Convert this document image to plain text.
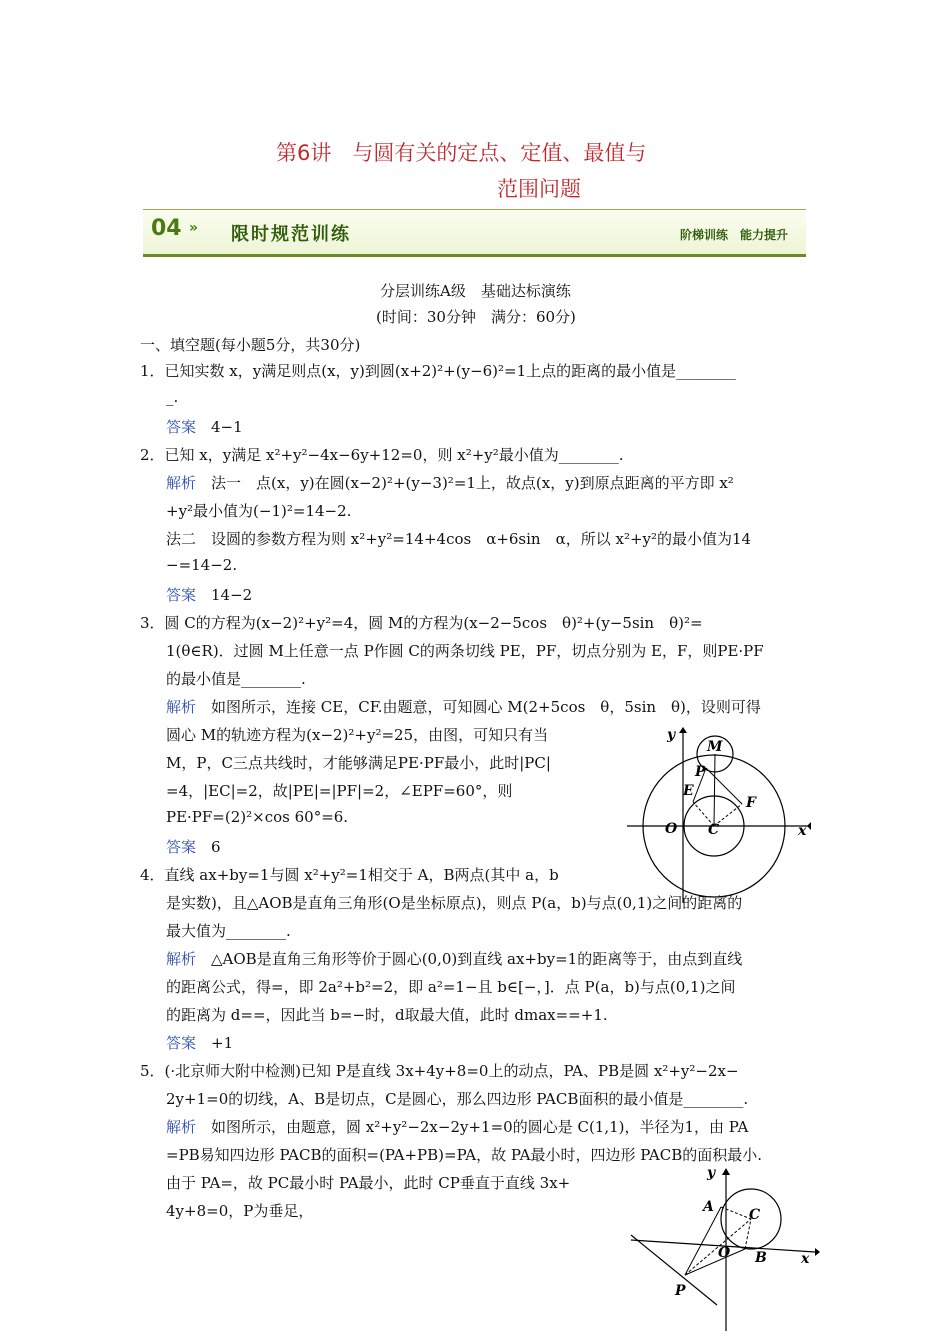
第6讲　与圆有关的定点、定值、最值与
范围问题
04 » 限时规范训练	阶梯训练　能力提升
分层训练A级　基础达标演练
(时间：30分钟　满分：60分)
一、填空题(每小题5分，共30分)
1．已知实数 x，y满足则点(x，y)到圆(x+2)²+(y−6)²=1上点的距离的最小值是________
_.
答案　4−1
2．已知 x，y满足 x²+y²−4x−6y+12=0，则 x²+y²最小值为________.
解析　法一　点(x，y)在圆(x−2)²+(y−3)²=1上，故点(x，y)到原点距离的平方即 x²
+y²最小值为(−1)²=14−2.
法二　设圆的参数方程为则 x²+y²=14+4cos　α+6sin　α，所以 x²+y²的最小值为14
−=14−2.
答案　14−2
3．圆 C的方程为(x−2)²+y²=4，圆 M的方程为(x−2−5cos　θ)²+(y−5sin　θ)²=
1(θ∈R)．过圆 M上任意一点 P作圆 C的两条切线 PE，PF，切点分别为 E，F，则PE·PF
的最小值是________.
解析　如图所示，连接 CE，CF.由题意，可知圆心 M(2+5cos　θ，5sin　θ)，设则可得
圆心 M的轨迹方程为(x−2)²+y²=25，由图，可知只有当
M，P，C三点共线时，才能够满足PE·PF最小，此时|PC|
=4，|EC|=2，故|PE|=|PF|=2，∠EPF=60°，则
PE·PF=(2)²×cos 60°=6.
答案　6
4．直线 ax+by=1与圆 x²+y²=1相交于 A，B两点(其中 a，b
是实数)，且△AOB是直角三角形(O是坐标原点)，则点 P(a，b)与点(0,1)之间的距离的
最大值为________.
解析　△AOB是直角三角形等价于圆心(0,0)到直线 ax+by=1的距离等于，由点到直线
的距离公式，得=，即 2a²+b²=2，即 a²=1−且 b∈[−，]．点 P(a，b)与点(0,1)之间
的距离为 d==，因此当 b=−时，d取最大值，此时 dmax==+1.
答案　+1
5．(·北京师大附中检测)已知 P是直线 3x+4y+8=0上的动点，PA、PB是圆 x²+y²−2x−
2y+1=0的切线，A、B是切点，C是圆心，那么四边形 PACB面积的最小值是________.
解析　如图所示，由题意，圆 x²+y²−2x−2y+1=0的圆心是 C(1,1)，半径为1，由 PA
=PB易知四边形 PACB的面积=(PA+PB)=PA，故 PA最小时，四边形 PACB的面积最小.
由于 PA=，故 PC最小时 PA最小，此时 CP垂直于直线 3x+
4y+8=0，P为垂足，
y
M
P
E
F
O C	x
y
A	C
O B x
P
